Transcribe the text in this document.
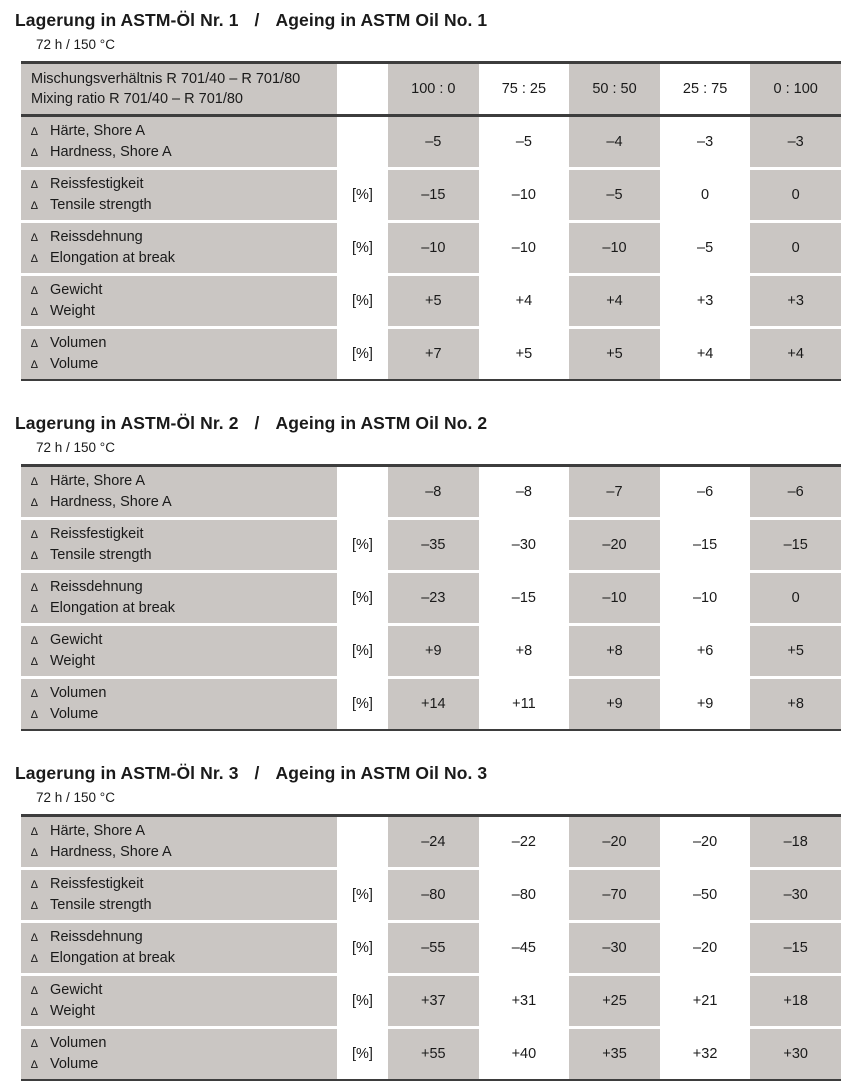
Lagerung in ASTM-Öl Nr. 1 / Ageing in ASTM Oil No. 1
72 h / 150 °C
Mischungsverhältnis R 701/40 – R 701/80
Mixing ratio R 701/40 – R 701/80
100 : 0	75 : 25	50 : 50	25 : 75	0 : 100
∆ Härte, Shore A
∆ Hardness, Shore A
–5	–5	–4	–3	–3
∆ Reissfestigkeit
∆ Tensile strength
[%]	–15	–10	–5	0	0
∆ Reissdehnung
∆ Elongation at break
[%]	–10	–10	–10	–5	0
∆ Gewicht
∆ Weight
[%]	+5	+4	+4	+3	+3
∆ Volumen
∆ Volume
[%]	+7	+5	+5	+4	+4
Lagerung in ASTM-Öl Nr. 2 / Ageing in ASTM Oil No. 2
72 h / 150 °C
∆ Härte, Shore A
∆ Hardness, Shore A
–8	–8	–7	–6	–6
∆ Reissfestigkeit
∆ Tensile strength
[%]	–35	–30	–20	–15	–15
∆ Reissdehnung
∆ Elongation at break
[%]	–23	–15	–10	–10	0
∆ Gewicht
∆ Weight
[%]	+9	+8	+8	+6	+5
∆ Volumen
∆ Volume
[%]	+14	+11	+9	+9	+8
Lagerung in ASTM-Öl Nr. 3 / Ageing in ASTM Oil No. 3
72 h / 150 °C
∆ Härte, Shore A
∆ Hardness, Shore A
–24	–22	–20	–20	–18
∆ Reissfestigkeit
∆ Tensile strength
[%]	–80	–80	–70	–50	–30
∆ Reissdehnung
∆ Elongation at break
[%]	–55	–45	–30	–20	–15
∆ Gewicht
∆ Weight
[%]	+37	+31	+25	+21	+18
∆ Volumen
∆ Volume
[%]	+55	+40	+35	+32	+30
